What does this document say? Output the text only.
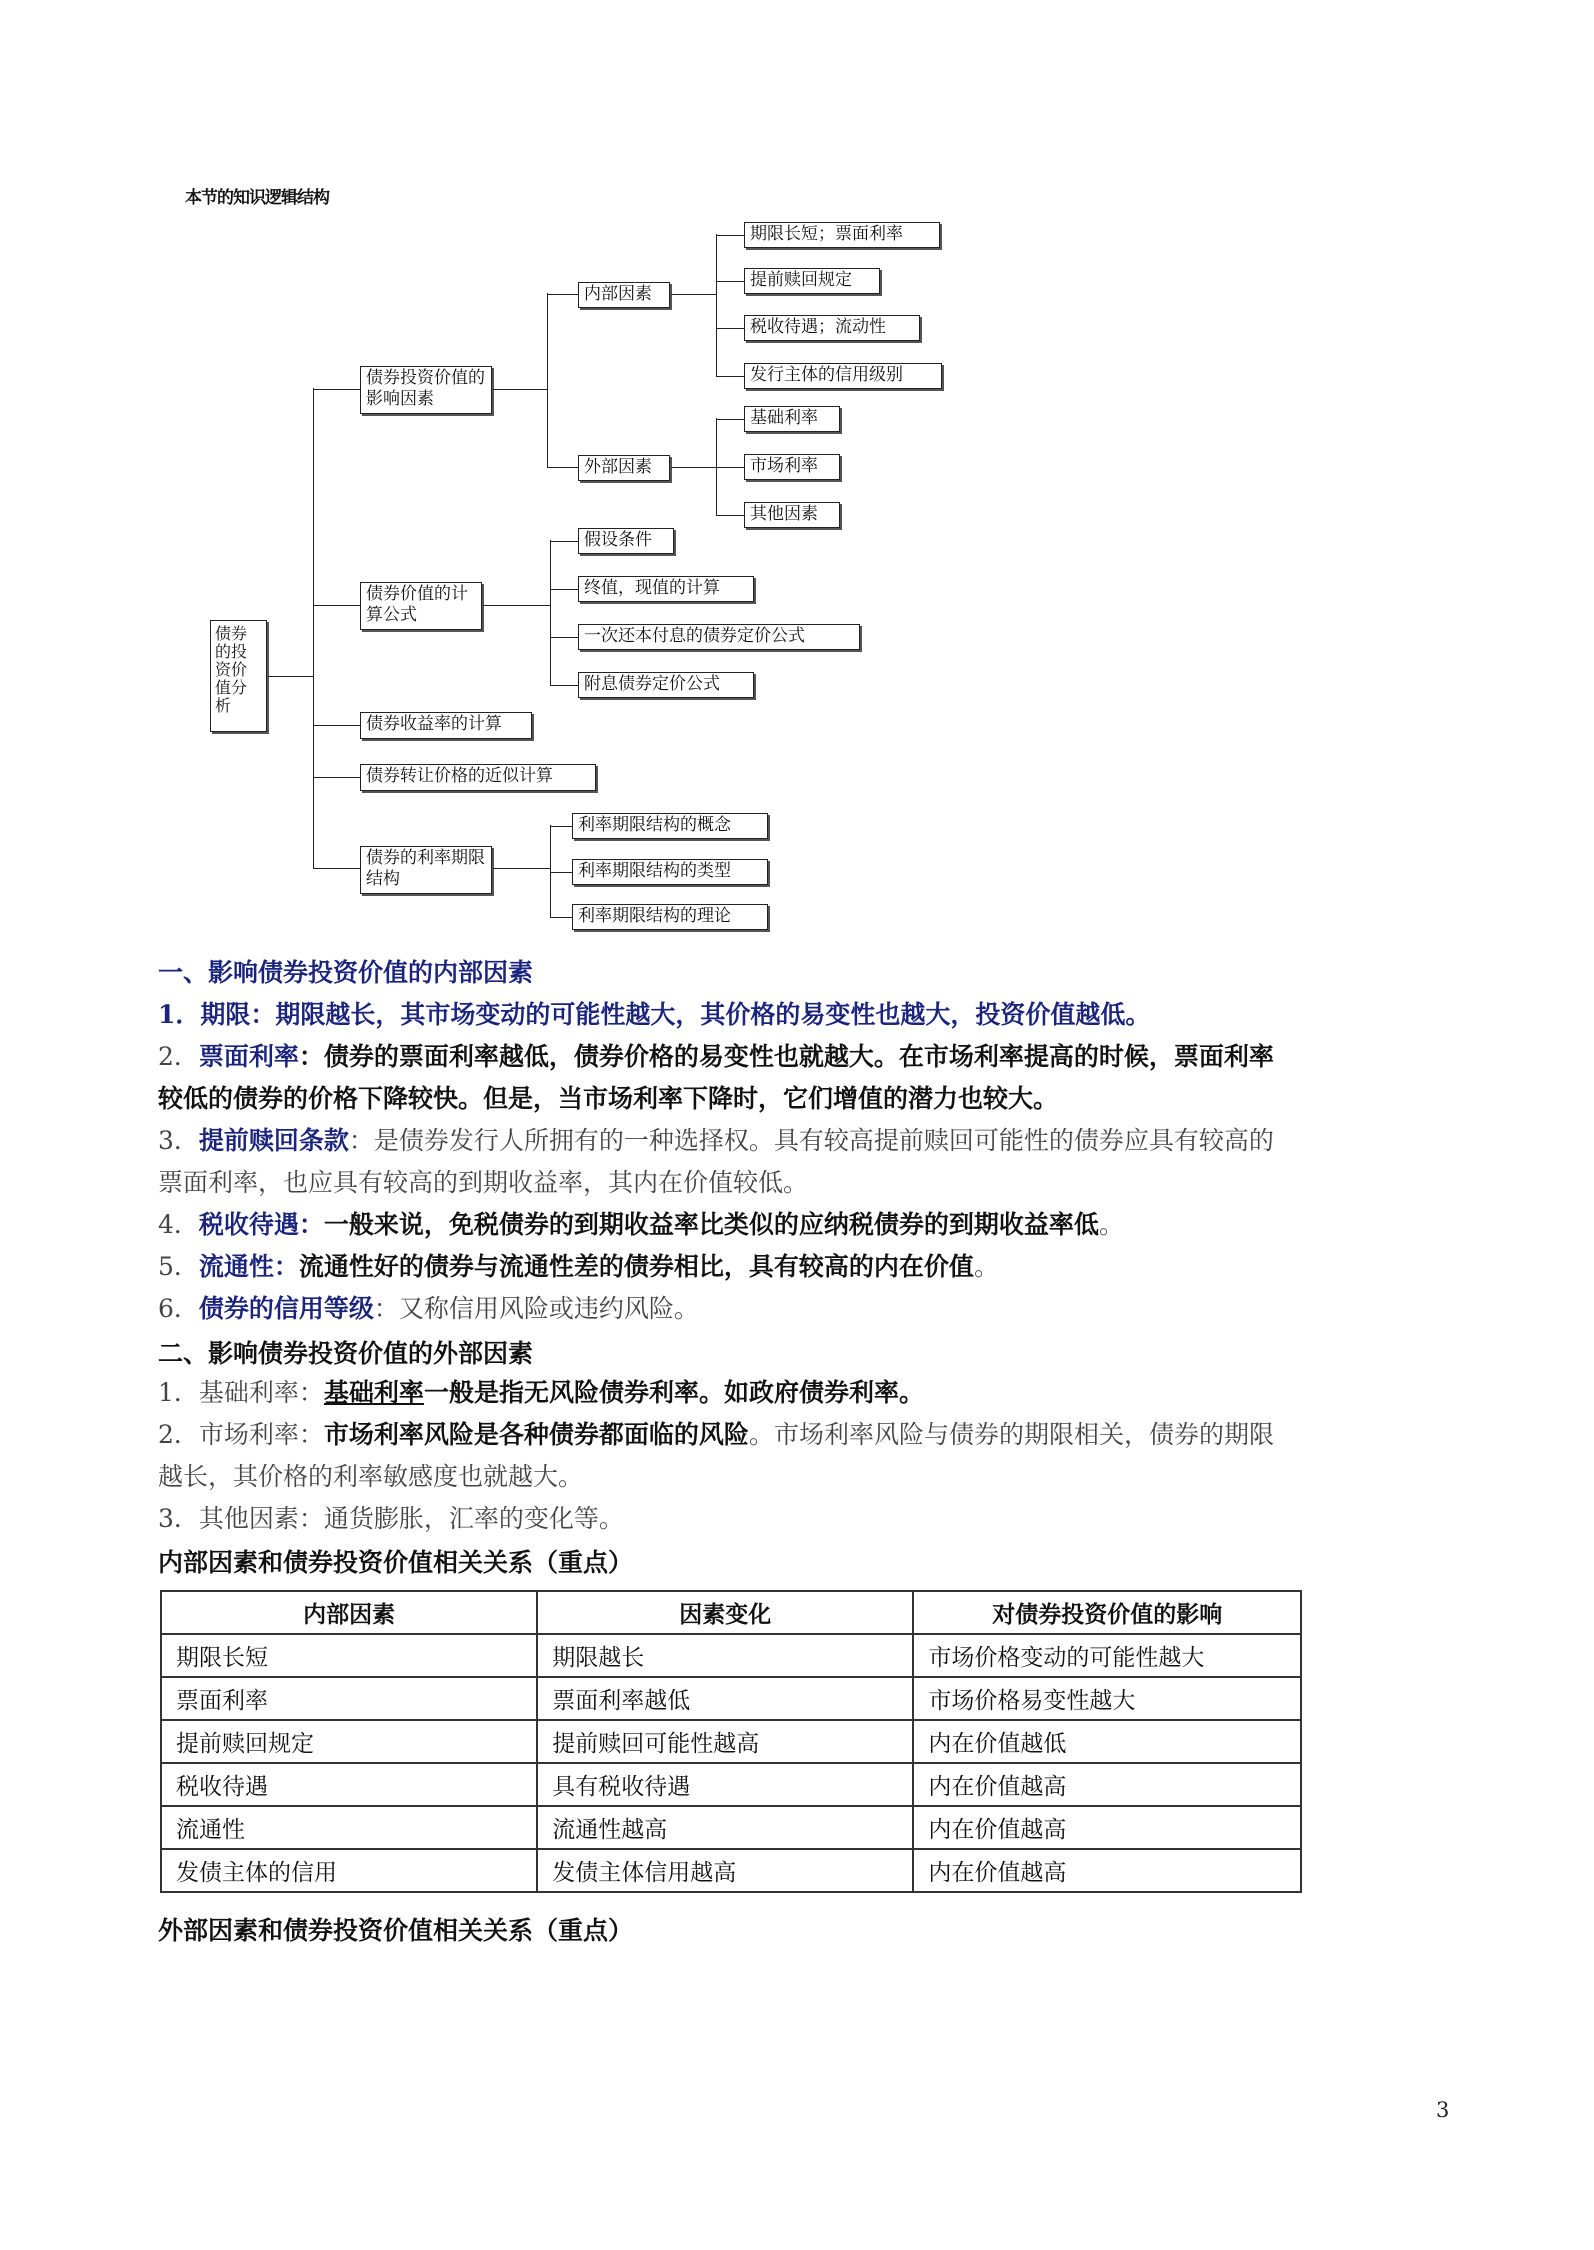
本节的知识逻辑结构
债券的投资价值分析
债券投资价值的影响因素
债券价值的计算公式
债券收益率的计算
债券转让价格的近似计算
债券的利率期限结构
内部因素
外部因素
期限长短；票面利率
提前赎回规定
税收待遇；流动性
发行主体的信用级别
基础利率
市场利率
其他因素
假设条件
终值，现值的计算
一次还本付息的债券定价公式
附息债券定价公式
利率期限结构的概念
利率期限结构的类型
利率期限结构的理论
一、影响债券投资价值的内部因素
1．期限：期限越长，其市场变动的可能性越大，其价格的易变性也越大，投资价值越低。
2．票面利率：债券的票面利率越低，债券价格的易变性也就越大。在市场利率提高的时候，票面利率
较低的债券的价格下降较快。但是，当市场利率下降时，它们增值的潜力也较大。
3．提前赎回条款：是债券发行人所拥有的一种选择权。具有较高提前赎回可能性的债券应具有较高的
票面利率，也应具有较高的到期收益率，其内在价值较低。
4．税收待遇：一般来说，免税债券的到期收益率比类似的应纳税债券的到期收益率低。
5．流通性：流通性好的债券与流通性差的债券相比，具有较高的内在价值。
6．债券的信用等级：又称信用风险或违约风险。
二、影响债券投资价值的外部因素
1．基础利率：基础利率一般是指无风险债券利率。如政府债券利率。
2．市场利率：市场利率风险是各种债券都面临的风险。市场利率风险与债券的期限相关，债券的期限
越长，其价格的利率敏感度也就越大。
3．其他因素：通货膨胀，汇率的变化等。
内部因素和债券投资价值相关关系（重点）
内部因素	因素变化	对债券投资价值的影响
期限长短	期限越长	市场价格变动的可能性越大
票面利率	票面利率越低	市场价格易变性越大
提前赎回规定	提前赎回可能性越高	内在价值越低
税收待遇	具有税收待遇	内在价值越高
流通性	流通性越高	内在价值越高
发债主体的信用	发债主体信用越高	内在价值越高
外部因素和债券投资价值相关关系（重点）
3
